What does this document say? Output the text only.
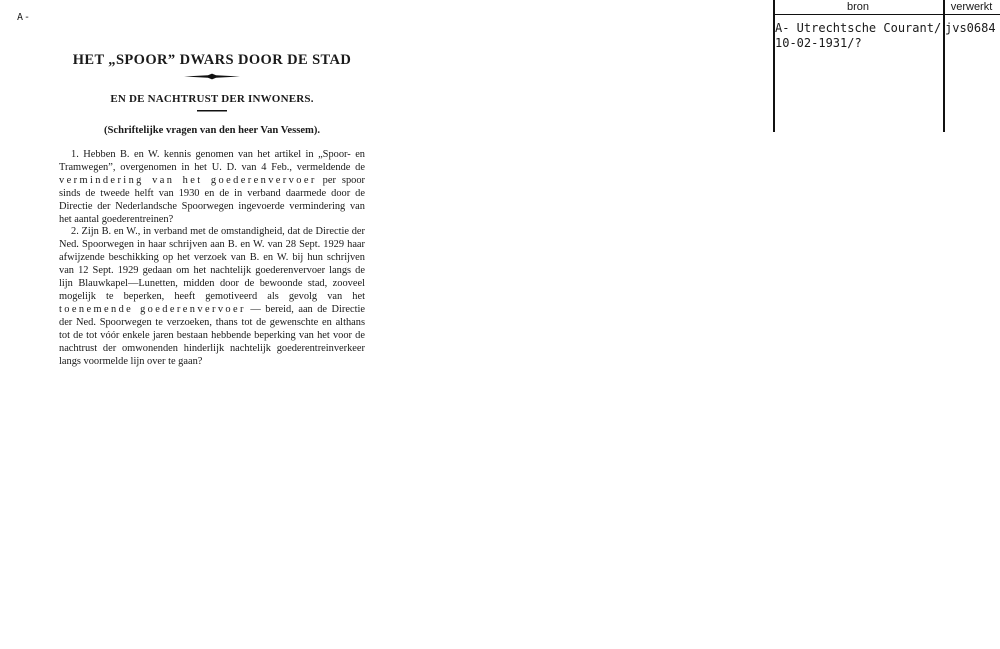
A-
bron	verwerkt
A- Utrechtsche Courant/
10-02-1931/?
jvs0684
HET „SPOOR” DWARS DOOR DE STAD
EN DE NACHTRUST DER INWONERS.

(Schriftelijke vragen van den heer Van Vessem).

1. Hebben B. en W. kennis genomen van het artikel in „Spoor- en Tramwegen”, overgenomen in het U. D. van 4 Feb., vermeldende de vermindering van het goederenvervoer per spoor sinds de tweede helft van 1930 en de in verband daarmede door de Directie der Nederlandsche Spoorwegen ingevoerde vermindering van het aantal goederentreinen?

2. Zijn B. en W., in verband met de omstandigheid, dat de Directie der Ned. Spoorwegen in haar schrijven aan B. en W. van 28 Sept. 1929 haar afwijzende beschikking op het verzoek van B. en W. bij hun schrijven van 12 Sept. 1929 gedaan om het nachtelijk goederenvervoer langs de lijn Blauwkapel—Lunetten, midden door de bewoonde stad, zooveel mogelijk te beperken, heeft gemotiveerd als gevolg van het toenemende goederenvervoer — bereid, aan de Directie der Ned. Spoorwegen te verzoeken, thans tot de gewenschte en althans tot de tot vóór enkele jaren bestaan hebbende beperking van het voor de nachtrust der omwonenden hinderlijk nachtelijk goederentreinverkeer langs voormelde lijn over te gaan?
